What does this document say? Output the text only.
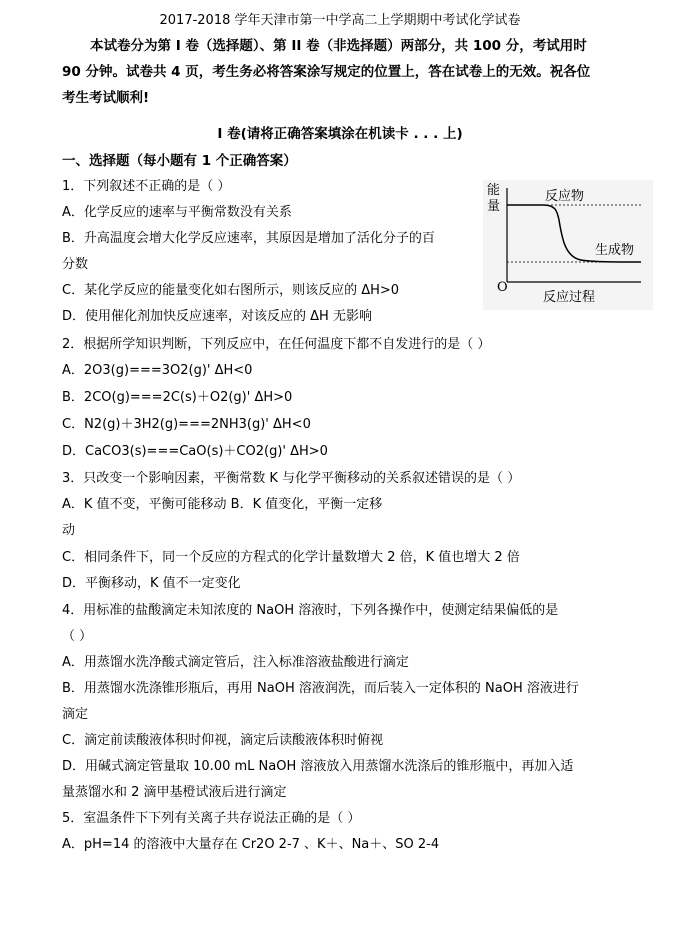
2017-2018 学年天津市第一中学高二上学期期中考试化学试卷
本试卷分为第 I 卷（选择题）、第 II 卷（非选择题）两部分，共 100 分，考试用时
90 分钟。试卷共 4 页，考生务必将答案涂写规定的位置上，答在试卷上的无效。祝各位
考生考试顺利!
I 卷(请将正确答案填涂在机读卡 . . . 上)
一、选择题（每小题有 1 个正确答案）
1．下列叙述不正确的是（ ）
A．化学反应的速率与平衡常数没有关系
B．升高温度会增大化学反应速率，其原因是增加了活化分子的百
分数
C．某化学反应的能量变化如右图所示，则该反应的 ΔH>0
D．使用催化剂加快反应速率，对该反应的 ΔH 无影响
能
量
反应物
生成物
O
反应过程
2．根据所学知识判断，下列反应中，在任何温度下都不自发进行的是（ ）
A．2O3(g)===3O2(g)' ΔH<0
B．2CO(g)===2C(s)＋O2(g)' ΔH>0
C．N2(g)＋3H2(g)===2NH3(g)' ΔH<0
D．CaCO3(s)===CaO(s)＋CO2(g)' ΔH>0
3．只改变一个影响因素，平衡常数 K 与化学平衡移动的关系叙述错误的是（ ）
A．K 值不变，平衡可能移动 B．K 值变化，平衡一定移
动
C．相同条件下，同一个反应的方程式的化学计量数增大 2 倍，K 值也增大 2 倍
D．平衡移动，K 值不一定变化
4．用标准的盐酸滴定未知浓度的 NaOH 溶液时，下列各操作中，使测定结果偏低的是
（ ）
A．用蒸馏水洗净酸式滴定管后，注入标准溶液盐酸进行滴定
B．用蒸馏水洗涤锥形瓶后，再用 NaOH 溶液润洗，而后装入一定体积的 NaOH 溶液进行
滴定
C．滴定前读酸液体积时仰视，滴定后读酸液体积时俯视
D．用碱式滴定管量取 10.00 mL NaOH 溶液放入用蒸馏水洗涤后的锥形瓶中，再加入适
量蒸馏水和 2 滴甲基橙试液后进行滴定
5．室温条件下下列有关离子共存说法正确的是（ ）
A．pH=14 的溶液中大量存在 Cr2O 2-7 、K＋、Na＋、SO 2-4
